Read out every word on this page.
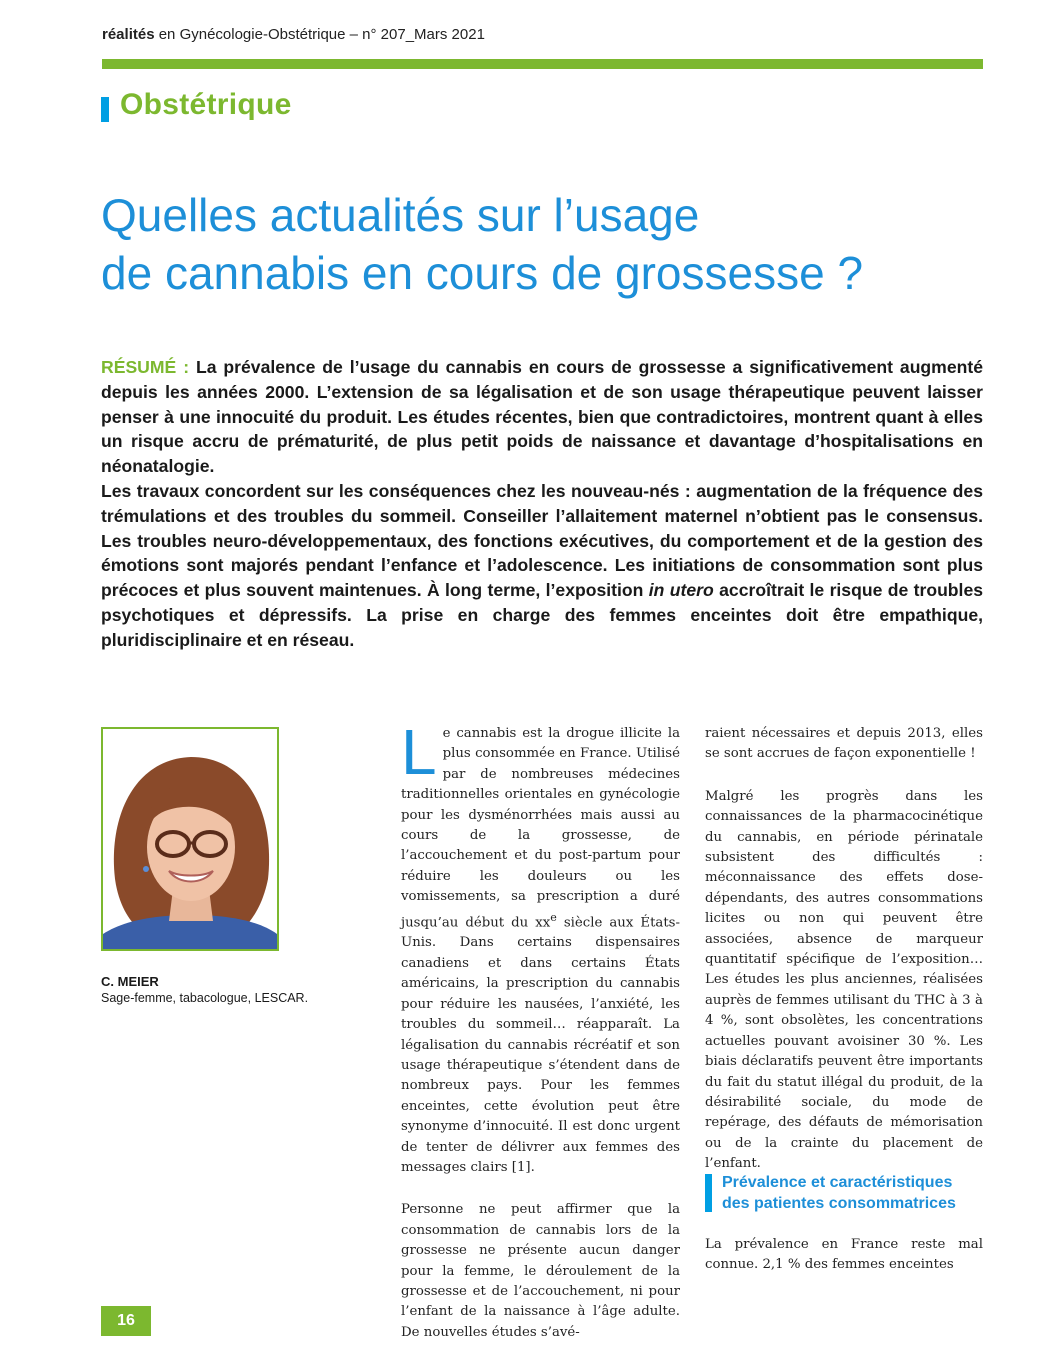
réalités en Gynécologie-Obstétrique – n° 207_Mars 2021
Obstétrique
Quelles actualités sur l’usage
de cannabis en cours de grossesse ?

RÉSUMÉ : La prévalence de l’usage du cannabis en cours de grossesse a significativement augmenté depuis les années 2000. L’extension de sa légalisation et de son usage thérapeutique peuvent laisser penser à une innocuité du produit. Les études récentes, bien que contradictoires, montrent quant à elles un risque accru de prématurité, de plus petit poids de naissance et davantage d’hospitalisations en néonatalogie.

Les travaux concordent sur les conséquences chez les nouveau-nés : augmentation de la fréquence des trémulations et des troubles du sommeil. Conseiller l’allaitement maternel n’obtient pas le consensus. Les troubles neuro-développementaux, des fonctions exécutives, du comportement et de la gestion des émotions sont majorés pendant l’enfance et l’adolescence. Les initiations de consommation sont plus précoces et plus souvent maintenues. À long terme, l’exposition in utero accroîtrait le risque de troubles psychotiques et dépressifs. La prise en charge des femmes enceintes doit être empathique, pluridisciplinaire et en réseau.

C. MEIER
Sage-femme, tabacologue, LESCAR.

Le cannabis est la drogue illicite la plus consommée en France. Utilisé par de nombreuses médecines traditionnelles orientales en gynécologie pour les dysménorrhées mais aussi au cours de la grossesse, de l’accouchement et du post-partum pour réduire les douleurs ou les vomissements, sa prescription a duré jusqu’au début du $xx^e$ siècle aux États-Unis. Dans certains dispensaires canadiens et dans certains États américains, la prescription du cannabis pour réduire les nausées, l’anxiété, les troubles du sommeil… réapparaît. La légalisation du cannabis récréatif et son usage thérapeutique s’étendent dans de nombreux pays. Pour les femmes enceintes, cette évolution peut être synonyme d’innocuité. Il est donc urgent de tenter de délivrer aux femmes des messages clairs [1].

Personne ne peut affirmer que la consommation de cannabis lors de la grossesse ne présente aucun danger pour la femme, le déroulement de la grossesse et de l’accouchement, ni pour l’enfant de la naissance à l’âge adulte. De nouvelles études s’avé-

raient nécessaires et depuis 2013, elles se sont accrues de façon exponentielle !

Malgré les progrès dans les connaissances de la pharmacocinétique du cannabis, en période périnatale subsistent des difficultés : méconnaissance des effets dose-dépendants, des autres consommations licites ou non qui peuvent être associées, absence de marqueur quantitatif spécifique de l’exposition… Les études les plus anciennes, réalisées auprès de femmes utilisant du THC à 3 à 4 %, sont obsolètes, les concentrations actuelles pouvant avoisiner 30 %. Les biais déclaratifs peuvent être importants du fait du statut illégal du produit, de la désirabilité sociale, du mode de repérage, des défauts de mémorisation ou de la crainte du placement de l’enfant.

Prévalence et caractéristiques des patientes consommatrices

La prévalence en France reste mal connue. 2,1 % des femmes enceintes

16
